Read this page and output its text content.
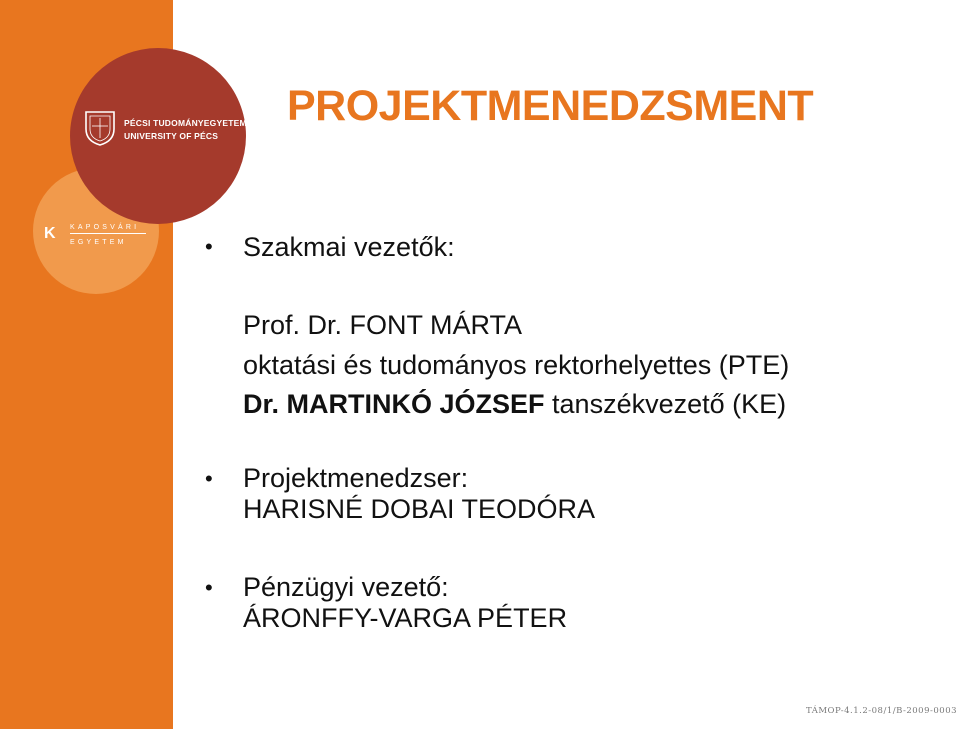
PÉCSI TUDOMÁNYEGYETEM
UNIVERSITY OF PÉCS
K KAPOSVÁRI
EGYETEM
PROJEKTMENEDZSMENT
• Szakmai vezetők:
Prof. Dr. FONT MÁRTA
oktatási és tudományos rektorhelyettes (PTE)
Dr. MARTINKÓ JÓZSEF tanszékvezető (KE)
• Projektmenedzser:
HARISNÉ DOBAI TEODÓRA
• Pénzügyi vezető:
ÁRONFFY-VARGA PÉTER
TÁMOP-4.1.2-08/1/B-2009-0003
